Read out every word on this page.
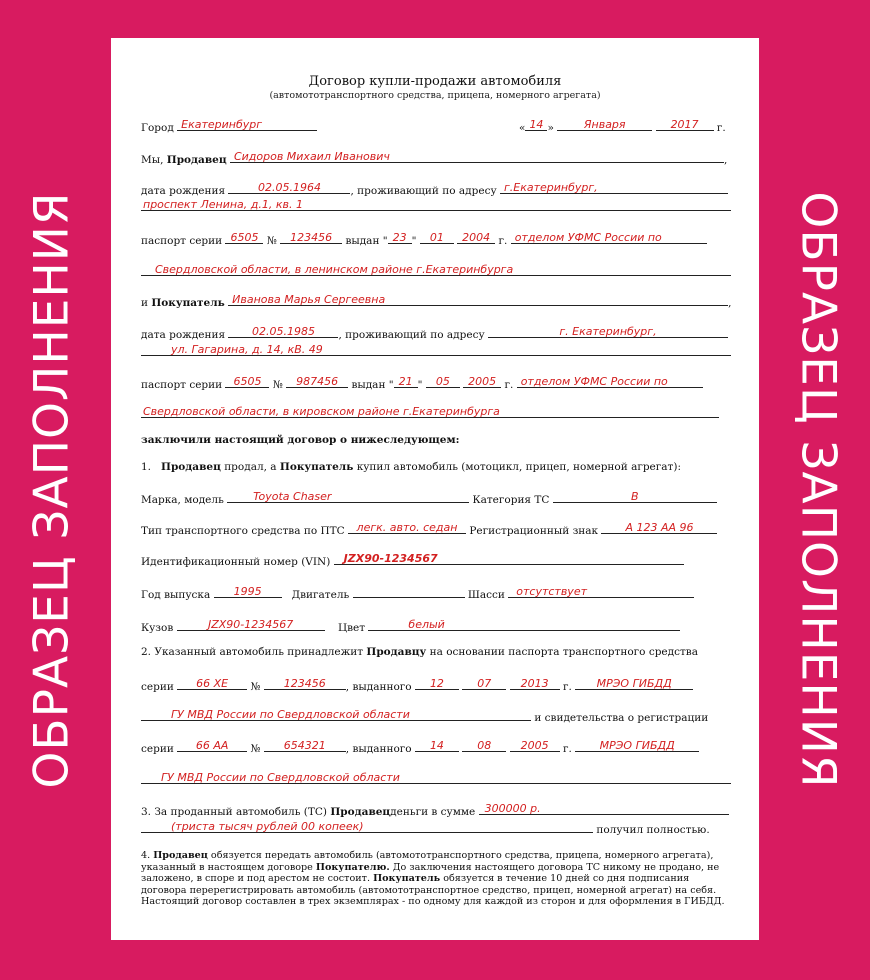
ОБРАЗЕЦ ЗАПОЛНЕНИЯ	ОБРАЗЕЦ ЗАПОЛНЕНИЯ
Договор купли-продажи автомобиля
(автомототранспортного средства, прицепа, номерного агрегата)
Город Екатеринбург	« 14 »	Января	2017 г.
Мы, Продавец Сидоров Михаил Иванович	,
дата рождения	02.05.1964	, проживающий по адресу г.Екатеринбург,
проспект Ленина, д.1, кв. 1
паспорт серии 6505 № 123456 выдан " 23 " 01 2004 г. отделом УФМС России по
Свердловской области, в ленинском районе г.Екатеринбурга
и Покупатель Иванова Марья Сергеевна	,
дата рождения 02.05.1985 , проживающий по адресу	г. Екатеринбург,
ул. Гагарина, д. 14, кВ. 49
паспорт серии 6505 № 987456 выдан " 21 " 05 2005 г. отделом УФМС России по
Свердловской области, в кировском районе г.Екатеринбурга
заключили настоящий договор о нижеследующем:
1. Продавец продал, а Покупатель купил автомобиль (мотоцикл, прицеп, номерной агрегат):
Марка, модель	Toyota Chaser	Категория ТС	В
Тип транспортного средства по ПТС легк. авто. седан Регистрационный знак А 123 АА 96
Идентификационный номер (VIN) JZX90-1234567
Год выпуска 1995	Двигатель	Шасси отсутствует
Кузов	JZX90-1234567	Цвет	белый
2. Указанный автомобиль принадлежит Продавцу на основании паспорта транспортного средства
серии 66 ХЕ № 123456 , выданного 12	07	2013 г. МРЭО ГИБДД
ГУ МВД России по Свердловской области	и свидетельства о регистрации
серии 66 АА № 654321 , выданного 14	08	2005 г.	МРЭО ГИБДД
ГУ МВД России по Свердловской области
3. За проданный автомобиль (ТС) Продавецденьги в сумме 300000 р.
(триста тысяч рублей 00 копеек)	получил полностью.
4. Продавец обязуется передать автомобиль (автомототранспортного средства, прицепа, номерного агрегата), указанный в настоящем договоре Покупателю. До заключения настоящего договора ТС никому не продано, не заложено, в споре и под арестом не состоит. Покупатель обязуется в течение 10 дней со дня подписания договора перерегистрировать автомобиль (автомототранспортное средство, прицеп, номерной агрегат) на себя. Настоящий договор составлен в трех экземплярах - по одному для каждой из сторон и для оформления в ГИБДД.
